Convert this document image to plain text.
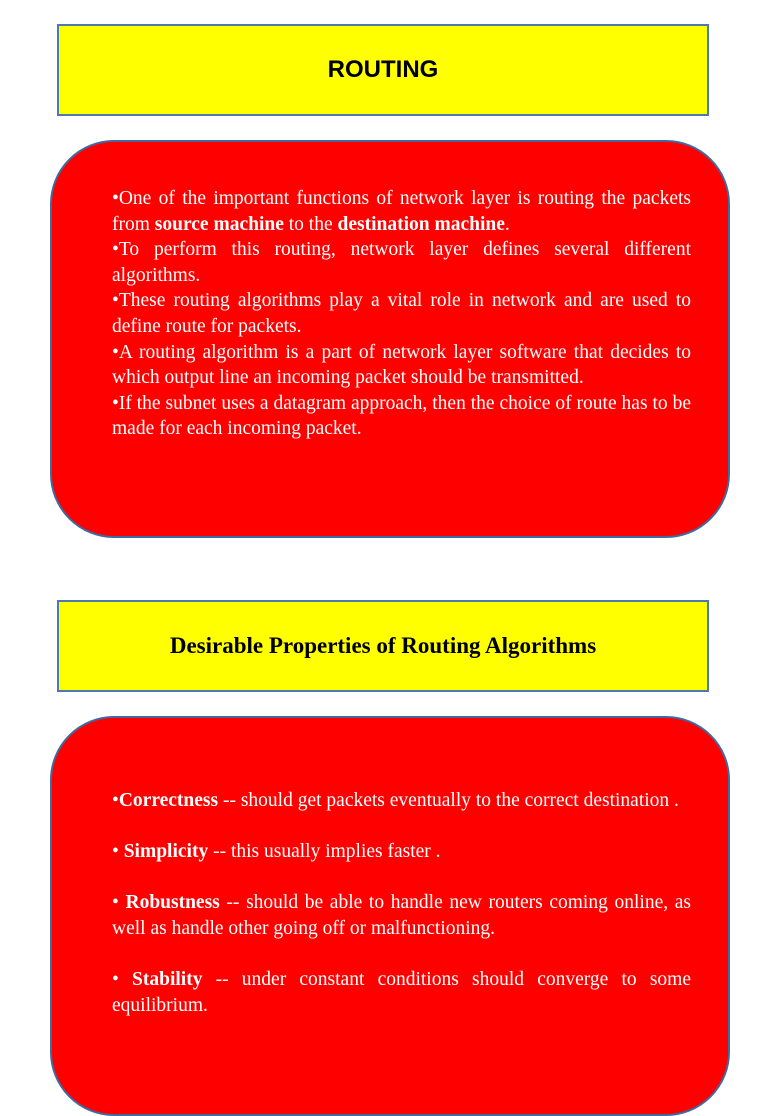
ROUTING

•One of the important functions of network layer is routing the packets from source machine to the destination machine.

•To perform this routing, network layer defines several different algorithms.

•These routing algorithms play a vital role in network and are used to define route for packets.

•A routing algorithm is a part of network layer software that decides to which output line an incoming packet should be transmitted.

•If the subnet uses a datagram approach, then the choice of route has to be made for each incoming packet.

Desirable Properties of Routing Algorithms

•Correctness -- should get packets eventually to the correct destination .

• Simplicity -- this usually implies faster .

• Robustness -- should be able to handle new routers coming online, as well as handle other going off or malfunctioning.

• Stability -- under constant conditions should converge to some equilibrium.
